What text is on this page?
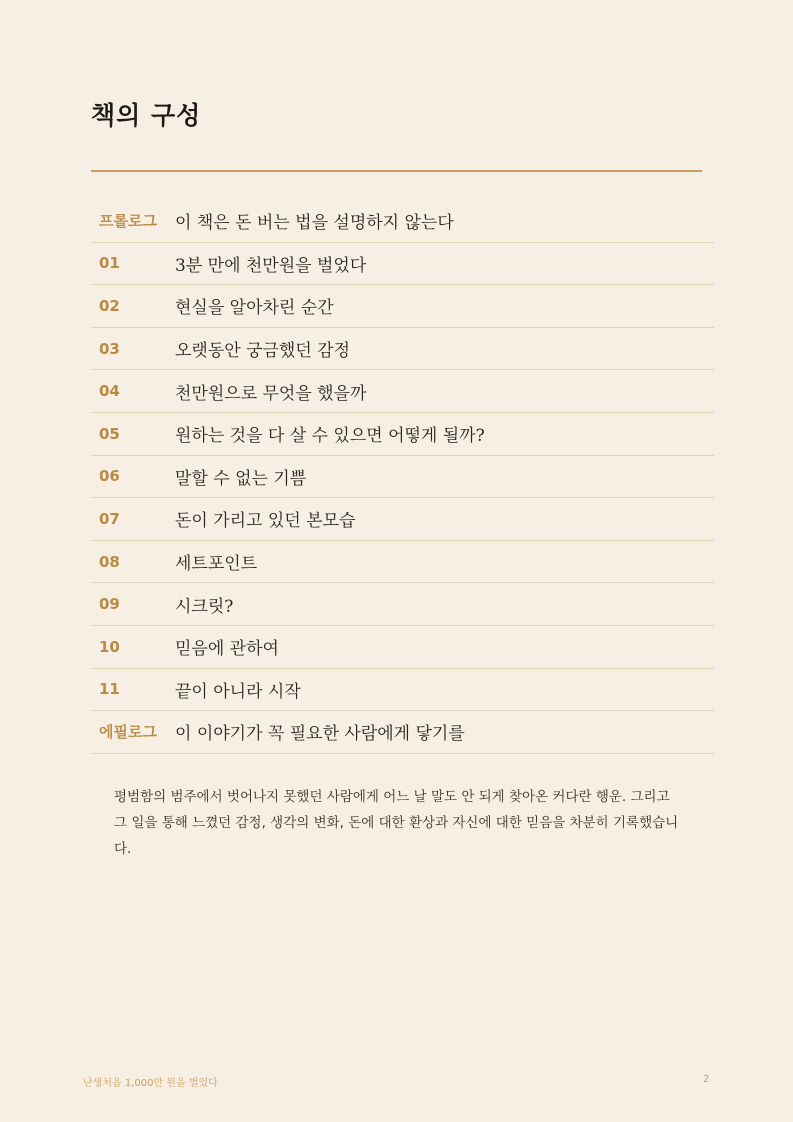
책의 구성
프롤로그	이 책은 돈 버는 법을 설명하지 않는다
01	3분 만에 천만원을 벌었다
02	현실을 알아차린 순간
03	오랫동안 궁금했던 감정
04	천만원으로 무엇을 했을까
05	원하는 것을 다 살 수 있으면 어떻게 될까?
06	말할 수 없는 기쁨
07	돈이 가리고 있던 본모습
08	세트포인트
09	시크릿?
10	믿음에 관하여
11	끝이 아니라 시작
에필로그	이 이야기가 꼭 필요한 사람에게 닿기를

평범함의 범주에서 벗어나지 못했던 사람에게 어느 날 말도 안 되게 찾아온 커다란 행운. 그리고 그 일을 통해 느꼈던 감정, 생각의 변화, 돈에 대한 환상과 자신에 대한 믿음을 차분히 기록했습니다.

난생처음 1,000만 원을 벌었다	2
